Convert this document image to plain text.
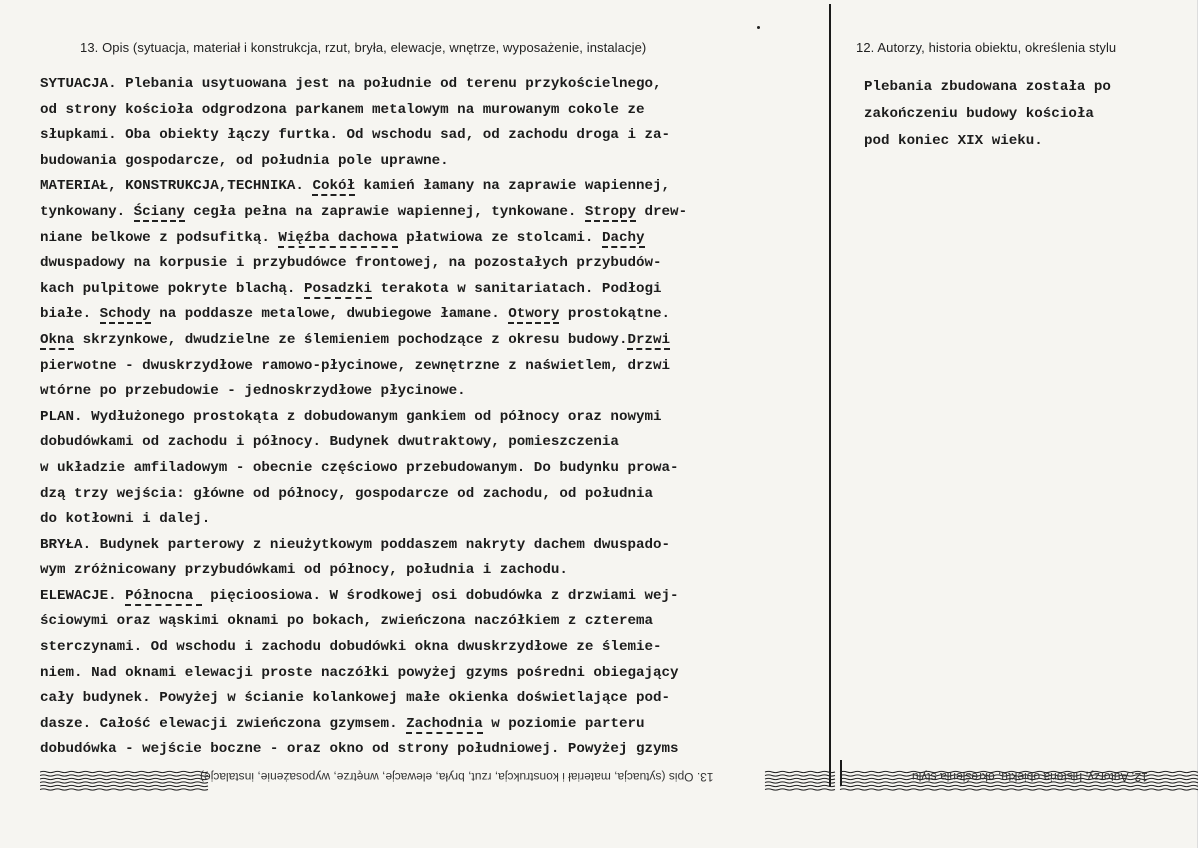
13. Opis (sytuacja, materiał i konstrukcja, rzut, bryła, elewacje, wnętrze, wyposażenie, instalacje)	12. Autorzy, historia obiektu, określenia stylu
SYTUACJA. Plebania usytuowana jest na południe od terenu przykościelnego,
od strony kościoła odgrodzona parkanem metalowym na murowanym cokole ze
słupkami. Oba obiekty łączy furtka. Od wschodu sad, od zachodu droga i za-
budowania gospodarcze, od południa pole uprawne.
MATERIAŁ, KONSTRUKCJA,TECHNIKA. Cokół kamień łamany na zaprawie wapiennej,
tynkowany. Ściany cegła pełna na zaprawie wapiennej, tynkowane. Stropy drew-
niane belkowe z podsufitką. Więźba dachowa płatwiowa ze stolcami. Dachy
dwuspadowy na korpusie i przybudówce frontowej, na pozostałych przybudów-
kach pulpitowe pokryte blachą. Posadzki terakota w sanitariatach. Podłogi
białe. Schody na poddasze metalowe, dwubiegowe łamane. Otwory prostokątne.
Okna skrzynkowe, dwudzielne ze ślemieniem pochodzące z okresu budowy.Drzwi
pierwotne - dwuskrzydłowe ramowo-płycinowe, zewnętrzne z naświetlem, drzwi
wtórne po przebudowie - jednoskrzydłowe płycinowe.
PLAN. Wydłużonego prostokąta z dobudowanym gankiem od północy oraz nowymi
dobudówkami od zachodu i północy. Budynek dwutraktowy, pomieszczenia
w układzie amfiladowym - obecnie częściowo przebudowanym. Do budynku prowa-
dzą trzy wejścia: główne od północy, gospodarcze od zachodu, od południa
do kotłowni i dalej.
BRYŁA. Budynek parterowy z nieużytkowym poddaszem nakryty dachem dwuspado-
wym zróżnicowany przybudówkami od północy, południa i zachodu.
ELEWACJE. Północna  pięcioosiowa. W środkowej osi dobudówka z drzwiami wej-
ściowymi oraz wąskimi oknami po bokach, zwieńczona naczółkiem z czterema
sterczynami. Od wschodu i zachodu dobudówki okna dwuskrzydłowe ze ślemie-
niem. Nad oknami elewacji proste naczółki powyżej gzyms pośredni obiegający
cały budynek. Powyżej w ścianie kolankowej małe okienka doświetlające pod-
dasze. Całość elewacji zwieńczona gzymsem. Zachodnia w poziomie parteru
dobudówka - wejście boczne - oraz okno od strony południowej. Powyżej gzyms
Plebania zbudowana została po
zakończeniu budowy kościoła
pod koniec XIX wieku.
13. Opis (sytuacja, materiał i konstrukcja, rzut, bryła, elewacje, wnętrze, wyposażenie, instalacje)	12. Autorzy, historia obiektu, określenia stylu
